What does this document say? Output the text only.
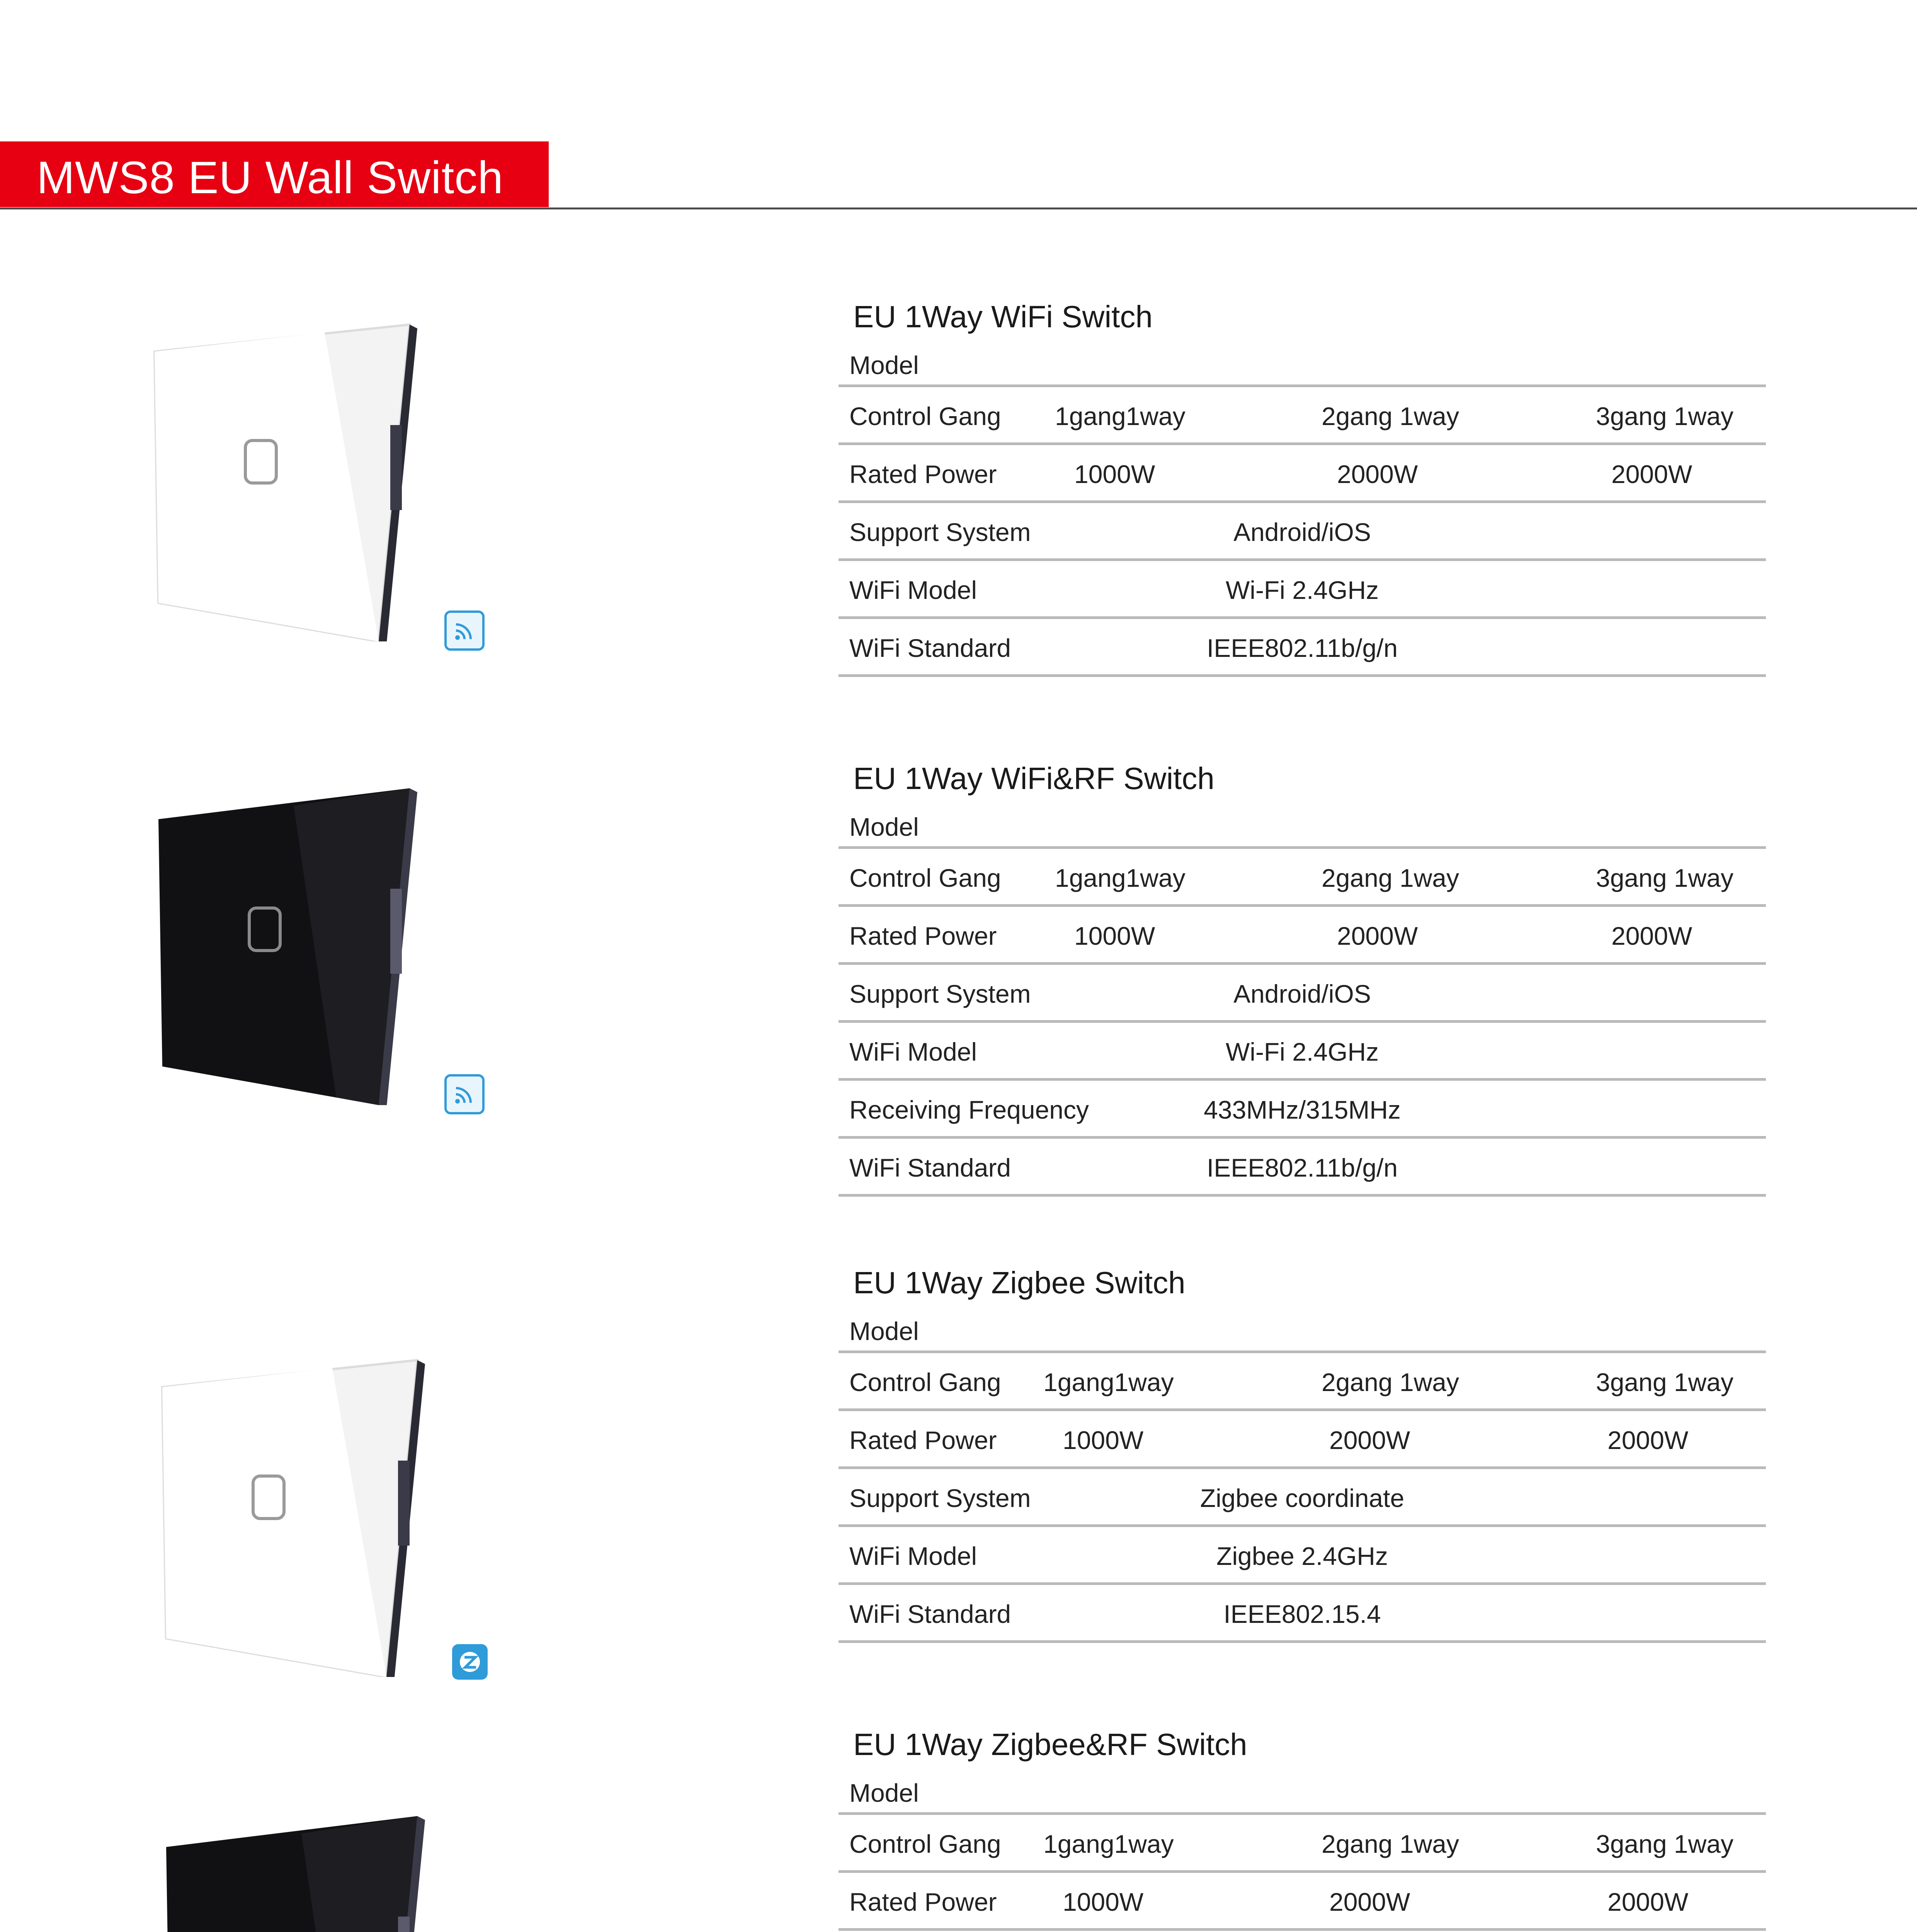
MWS8 EU Wall Switch
EU 1Way WiFi Switch
Model
Control Gang 1gang1way	2gang 1way	3gang 1way
Rated Power	1000W	2000W	2000W
Support System	Android/iOS
WiFi Model	Wi-Fi 2.4GHz
WiFi Standard	IEEE802.11b/g/n
EU 1Way WiFi&RF Switch
Model
Control Gang 1gang1way	2gang 1way	3gang 1way
Rated Power	1000W	2000W	2000W
Support System	Android/iOS
WiFi Model	Wi-Fi 2.4GHz
Receiving Frequency	433MHz/315MHz
WiFi Standard	IEEE802.11b/g/n
EU 1Way Zigbee Switch
Model
Control Gang 1gang1way	2gang 1way	3gang 1way
Rated Power	1000W	2000W	2000W
Support System	Zigbee coordinate
WiFi Model	Zigbee 2.4GHz
WiFi Standard	IEEE802.15.4
EU 1Way Zigbee&RF Switch
Model
Control Gang 1gang1way	2gang 1way	3gang 1way
Rated Power	1000W	2000W	2000W
